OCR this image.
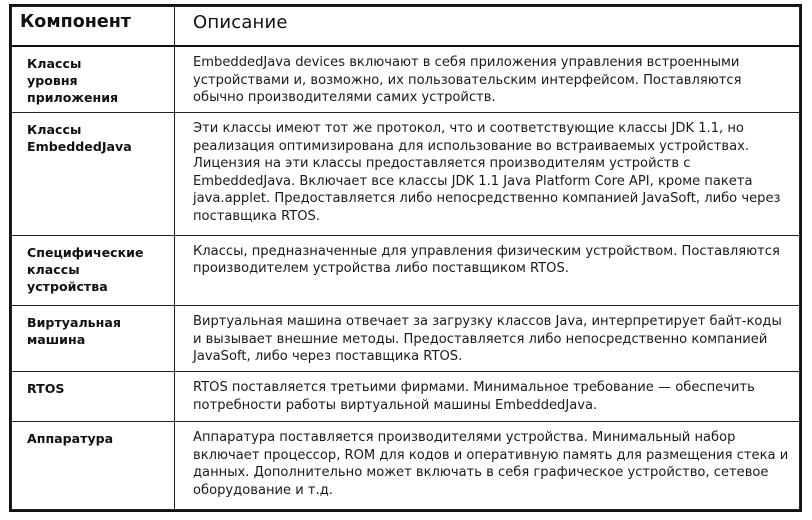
Компонент	Описание
Классы
уровня
приложения	EmbeddedJava devices включают в себя приложения управления встроенными устройствами и, возможно, их пользовательским интерфейсом. Поставляются обычно производителями самих устройств.
Классы
EmbeddedJava	Эти классы имеют тот же протокол, что и соответствующие классы JDK 1.1, но реализация оптимизирована для использование во встраиваемых устройствах. Лицензия на эти классы предоставляется производителям устройств с EmbeddedJava. Включает все классы JDK 1.1 Java Platform Core API, кроме пакета java.applet. Предоставляется либо непосредственно компанией JavaSoft, либо через поставщика RTOS.
Специфические
классы
устройства	Классы, предназначенные для управления физическим устройством. Поставляются производителем устройства либо поставщиком RTOS.
Виртуальная
машина	Виртуальная машина отвечает за загрузку классов Java, интерпретирует байт-коды и вызывает внешние методы. Предоставляется либо непосредственно компанией JavaSoft, либо через поставщика RTOS.
RTOS	RTOS поставляется третьими фирмами. Минимальное требование — обеспечить потребности работы виртуальной машины EmbeddedJava.
Аппаратура	Аппаратура поставляется производителями устройства. Минимальный набор включает процессор, ROM для кодов и оперативную память для размещения стека и данных. Дополнительно может включать в себя графическое устройство, сетевое оборудование и т.д.
